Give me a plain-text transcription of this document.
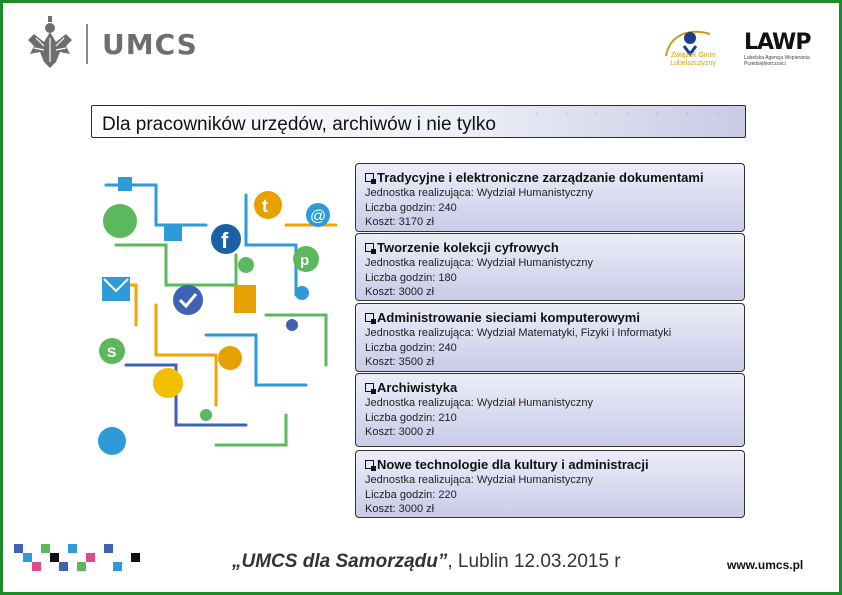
UMCS	Związek Gmin Lubelszczyzny
LAWP
Lubelska Agencja Wspierania Przedsiębiorczości
Dla pracowników urzędów, archiwów i nie tylko
· · · · · · ·
t
@
f
p
S
Tradycyjne i elektroniczne zarządzanie dokumentami
Jednostka realizująca: Wydział Humanistyczny
Liczba godzin: 240
Koszt: 3170 zł
Tworzenie kolekcji cyfrowych
Jednostka realizująca: Wydział Humanistyczny
Liczba godzin: 180
Koszt: 3000 zł
Administrowanie sieciami komputerowymi
Jednostka realizująca: Wydział Matematyki, Fizyki i Informatyki
Liczba godzin: 240
Koszt: 3500 zł
Archiwistyka
Jednostka realizująca: Wydział Humanistyczny
Liczba godzin: 210
Koszt: 3000 zł
Nowe technologie dla kultury i administracji
Jednostka realizująca: Wydział Humanistyczny
Liczba godzin: 220
Koszt: 3000 zł
„UMCS dla Samorządu”, Lublin 12.03.2015 r	www.umcs.pl
